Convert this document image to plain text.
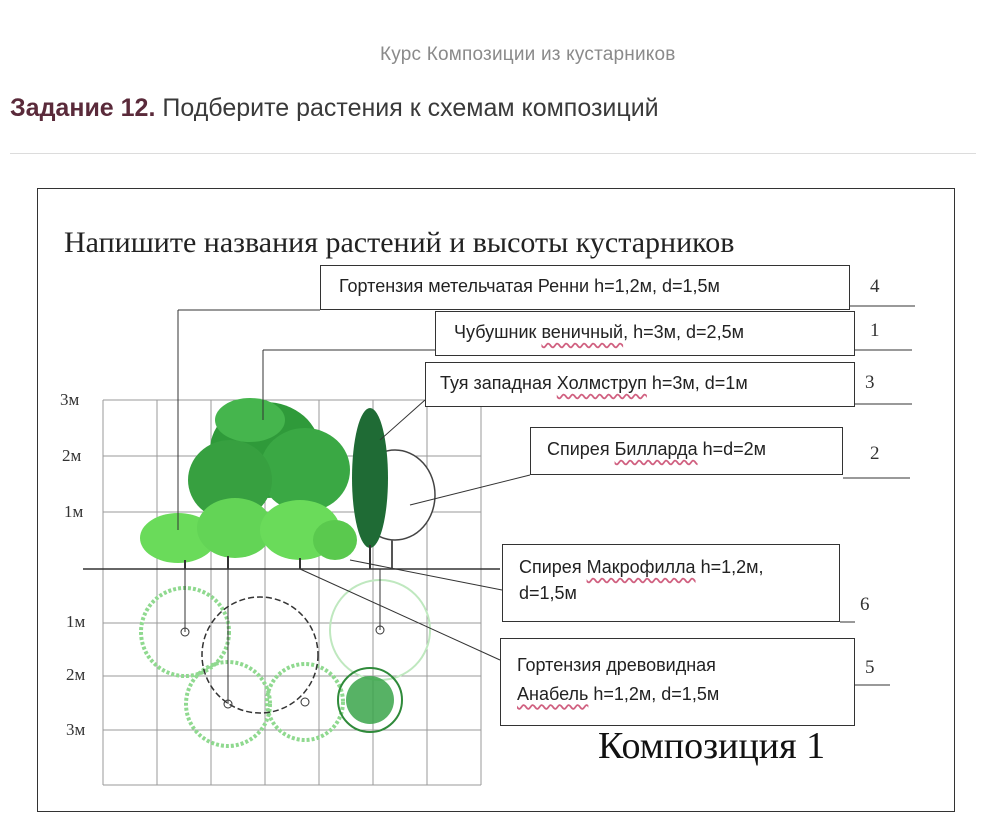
Курс Композиции из кустарников
Задание 12. Подберите растения к схемам композиций
Напишите названия растений и высоты кустарников
3м
2м
1м
1м
2м
3м
Гортензия метельчатая Ренни h=1,2м, d=1,5м	4
Чубушник веничный, h=3м, d=2,5м	1
Туя западная Холмструп h=3м, d=1м	3
Спирея Билларда h=d=2м	2
Спирея Макрофилла h=1,2м,
d=1,5м
6
Гортензия древовидная
Анабель h=1,2м, d=1,5м
5
Композиция 1
